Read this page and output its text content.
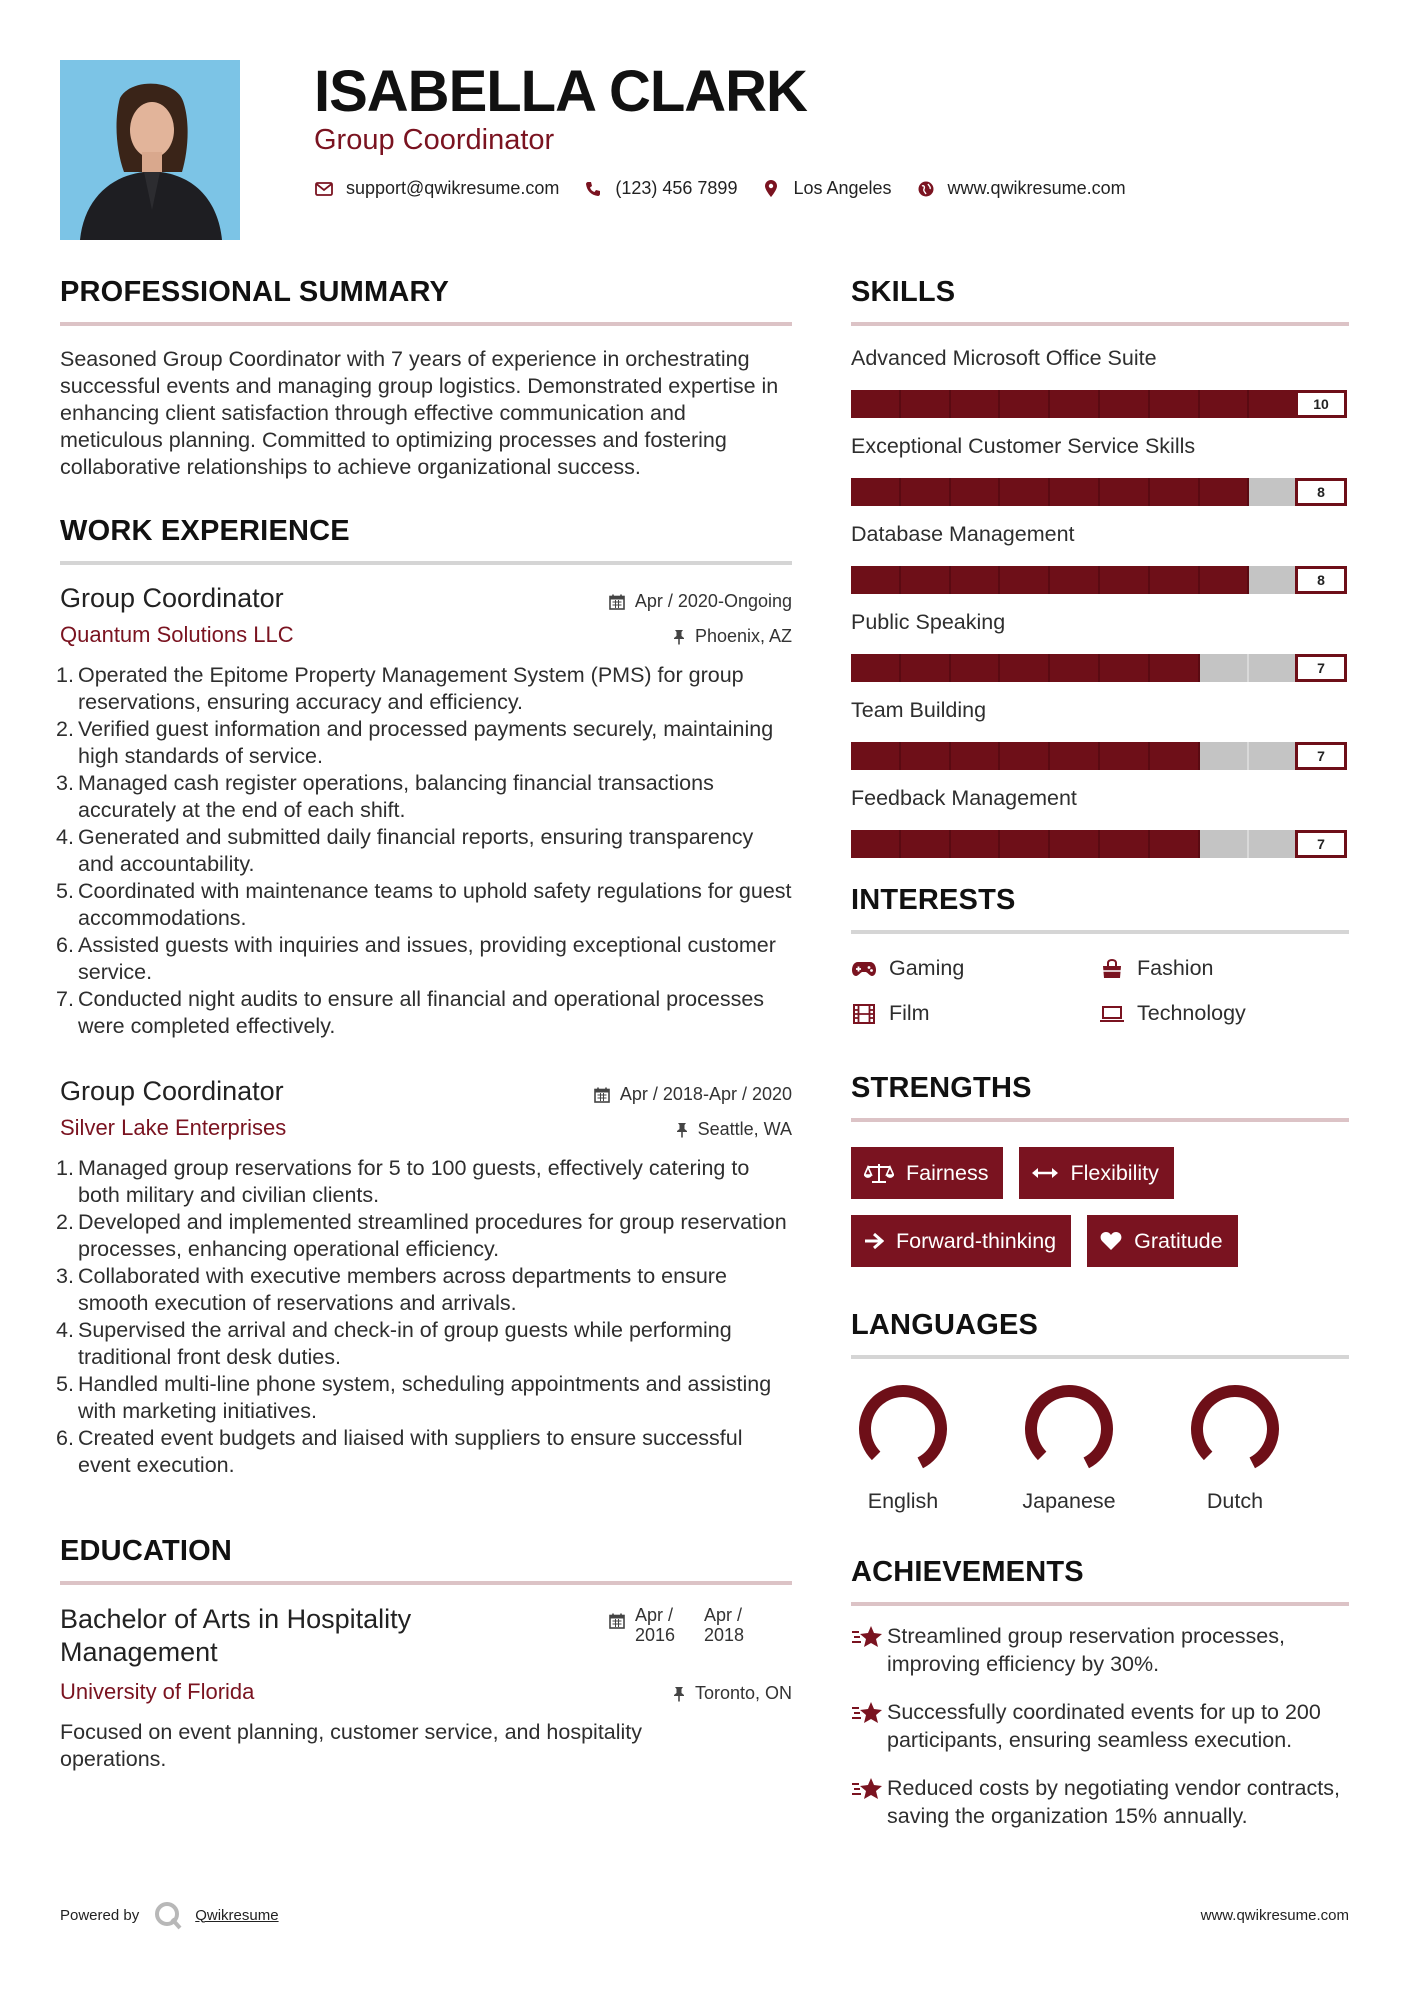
ISABELLA CLARK
Group Coordinator
support@qwikresume.com	(123) 456 7899	Los Angeles	www.qwikresume.com
PROFESSIONAL SUMMARY
Seasoned Group Coordinator with 7 years of experience in orchestrating successful events and managing group logistics. Demonstrated expertise in enhancing client satisfaction through effective communication and meticulous planning. Committed to optimizing processes and fostering collaborative relationships to achieve organizational success.
WORK EXPERIENCE
Group Coordinator
Quantum Solutions LLC
Apr / 2020-Ongoing
Phoenix, AZ
1. Operated the Epitome Property Management System (PMS) for group reservations, ensuring accuracy and efficiency.
2. Verified guest information and processed payments securely, maintaining high standards of service.
3. Managed cash register operations, balancing financial transactions accurately at the end of each shift.
4. Generated and submitted daily financial reports, ensuring transparency and accountability.
5. Coordinated with maintenance teams to uphold safety regulations for guest accommodations.
6. Assisted guests with inquiries and issues, providing exceptional customer service.
7. Conducted night audits to ensure all financial and operational processes were completed effectively.
Group Coordinator
Silver Lake Enterprises
Apr / 2018-Apr / 2020
Seattle, WA
1. Managed group reservations for 5 to 100 guests, effectively catering to both military and civilian clients.
2. Developed and implemented streamlined procedures for group reservation processes, enhancing operational efficiency.
3. Collaborated with executive members across departments to ensure smooth execution of reservations and arrivals.
4. Supervised the arrival and check-in of group guests while performing traditional front desk duties.
5. Handled multi-line phone system, scheduling appointments and assisting with marketing initiatives.
6. Created event budgets and liaised with suppliers to ensure successful event execution.
EDUCATION
Bachelor of Arts in Hospitality Management
University of Florida
Apr / 2016

Apr / 2018
Toronto, ON
Focused on event planning, customer service, and hospitality operations.
SKILLS
Advanced Microsoft Office Suite
10
Exceptional Customer Service Skills
8
Database Management
8
Public Speaking
7
Team Building
7
Feedback Management
7
INTERESTS
Gaming	Fashion
Film	Technology
STRENGTHS
Fairness	Flexibility
Forward-thinking	Gratitude
LANGUAGES
English	Japanese	Dutch
ACHIEVEMENTS
Streamlined group reservation processes, improving efficiency by 30%.
Successfully coordinated events for up to 200 participants, ensuring seamless execution.
Reduced costs by negotiating vendor contracts, saving the organization 15% annually.
Powered by	Qwikresume	www.qwikresume.com
